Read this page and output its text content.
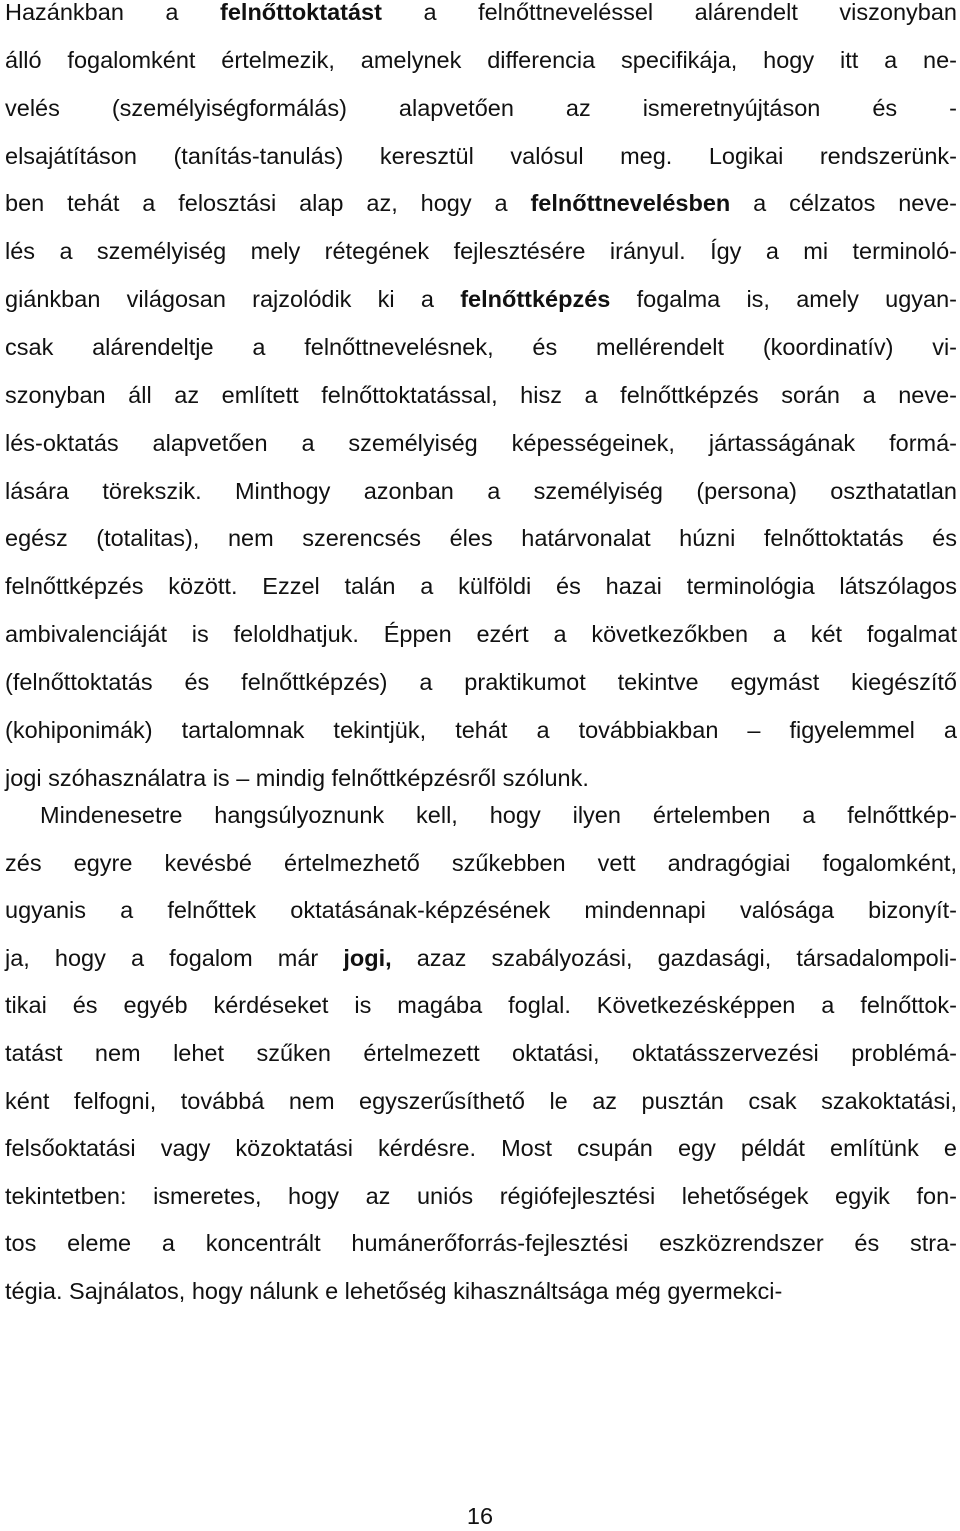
Hazánkban a felnőttoktatást a felnőttneveléssel alárendelt viszonyban
álló fogalomként értelmezik, amelynek differencia specifikája, hogy itt a ne-
velés (személyiségformálás) alapvetően az ismeretnyújtáson és -
elsajátításon (tanítás-tanulás) keresztül valósul meg. Logikai rendszerünk-
ben tehát a felosztási alap az, hogy a felnőttnevelésben a célzatos neve-
lés a személyiség mely rétegének fejlesztésére irányul. Így a mi terminoló-
giánkban világosan rajzolódik ki a felnőttképzés fogalma is, amely ugyan-
csak alárendeltje a felnőttnevelésnek, és mellérendelt (koordinatív) vi-
szonyban áll az említett felnőttoktatással, hisz a felnőttképzés során a neve-
lés-oktatás alapvetően a személyiség képességeinek, jártasságának formá-
lására törekszik. Minthogy azonban a személyiség (persona) oszthatatlan
egész (totalitas), nem szerencsés éles határvonalat húzni felnőttoktatás és
felnőttképzés között. Ezzel talán a külföldi és hazai terminológia látszólagos
ambivalenciáját is feloldhatjuk. Éppen ezért a következőkben a két fogalmat
(felnőttoktatás és felnőttképzés) a praktikumot tekintve egymást kiegészítő
(kohiponimák) tartalomnak tekintjük, tehát a továbbiakban – figyelemmel a
jogi szóhasználatra is – mindig felnőttképzésről szólunk.
Mindenesetre hangsúlyoznunk kell, hogy ilyen értelemben a felnőttkép-
zés egyre kevésbé értelmezhető szűkebben vett andragógiai fogalomként,
ugyanis a felnőttek oktatásának-képzésének mindennapi valósága bizonyít-
ja, hogy a fogalom már jogi, azaz szabályozási, gazdasági, társadalompoli-
tikai és egyéb kérdéseket is magába foglal. Következésképpen a felnőttok-
tatást nem lehet szűken értelmezett oktatási, oktatásszervezési problémá-
ként felfogni, továbbá nem egyszerűsíthető le az pusztán csak szakoktatási,
felsőoktatási vagy közoktatási kérdésre. Most csupán egy példát említünk e
tekintetben: ismeretes, hogy az uniós régiófejlesztési lehetőségek egyik fon-
tos eleme a koncentrált humánerőforrás-fejlesztési eszközrendszer és stra-
tégia. Sajnálatos, hogy nálunk e lehetőség kihasználtsága még gyermekci-
16
